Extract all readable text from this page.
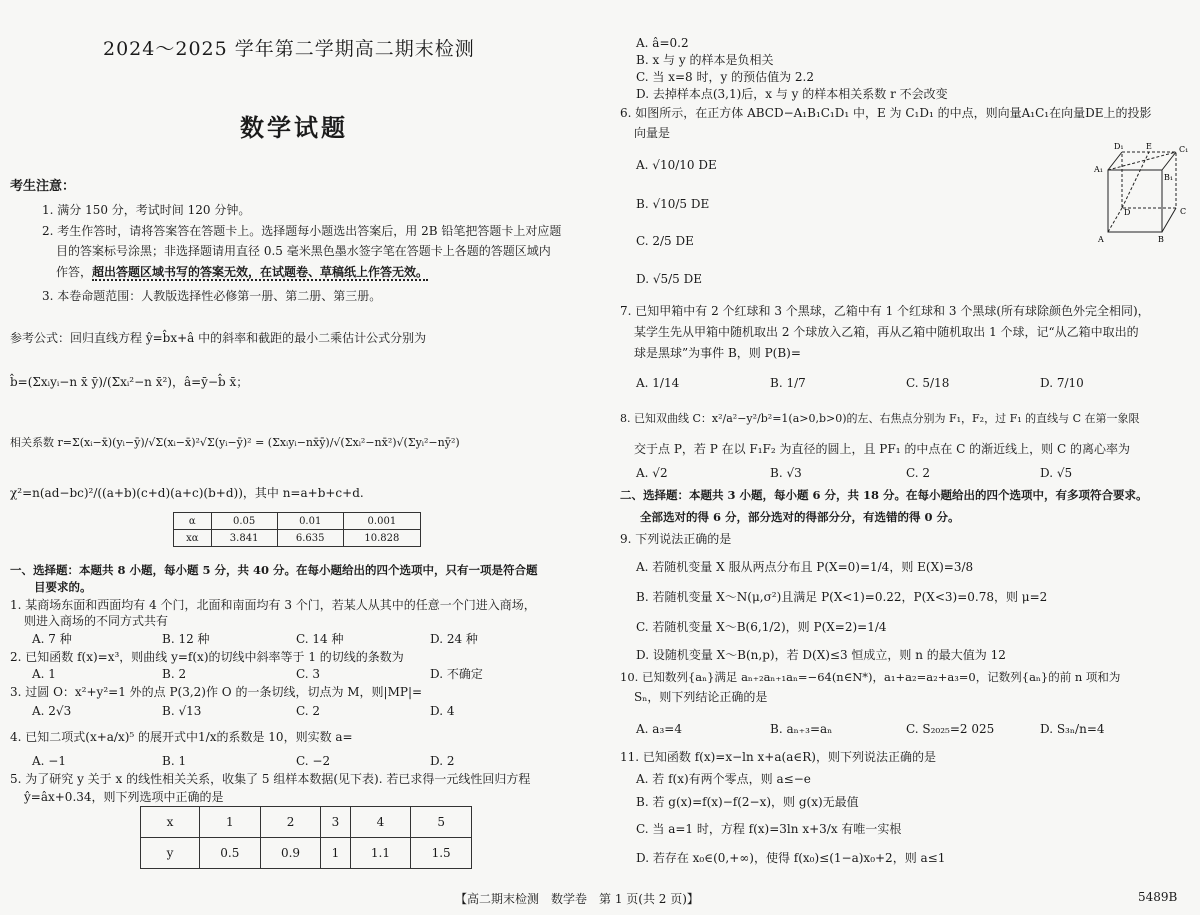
2024～2025 学年第二学期高二期末检测
数学试题
考生注意：
1. 满分 150 分，考试时间 120 分钟。
2. 考生作答时，请将答案答在答题卡上。选择题每小题选出答案后，用 2B 铅笔把答题卡上对应题
目的答案标号涂黑；非选择题请用直径 0.5 毫米黑色墨水签字笔在答题卡上各题的答题区域内
作答，超出答题区域书写的答案无效，在试题卷、草稿纸上作答无效。
3. 本卷命题范围：人教版选择性必修第一册、第二册、第三册。
参考公式：回归直线方程 ŷ=b̂x+â 中的斜率和截距的最小二乘估计公式分别为
b̂=(Σxᵢyᵢ−n x̄ ȳ)/(Σxᵢ²−n x̄²)，â=ȳ−b̂ x̄；
相关系数 r=Σ(xᵢ−x̄)(yᵢ−ȳ)/√Σ(xᵢ−x̄)²√Σ(yᵢ−ȳ)² = (Σxᵢyᵢ−nx̄ȳ)/√(Σxᵢ²−nx̄²)√(Σyᵢ²−nȳ²)
χ²=n(ad−bc)²/((a+b)(c+d)(a+c)(b+d))，其中 n=a+b+c+d.
α	0.05	0.01	0.001
xα	3.841	6.635	10.828
一、选择题：本题共 8 小题，每小题 5 分，共 40 分。在每小题给出的四个选项中，只有一项是符合题
目要求的。
1. 某商场东面和西面均有 4 个门，北面和南面均有 3 个门，若某人从其中的任意一个门进入商场，
则进入商场的不同方式共有
A. 7 种	B. 12 种	C. 14 种	D. 24 种
2. 已知函数 f(x)=x³，则曲线 y=f(x)的切线中斜率等于 1 的切线的条数为
A. 1	B. 2	C. 3	D. 不确定
3. 过圆 O：x²+y²=1 外的点 P(3,2)作 O 的一条切线，切点为 M，则|MP|=
A. 2√3	B. √13	C. 2	D. 4
4. 已知二项式(x+a/x)⁵ 的展开式中1/x的系数是 10，则实数 a=
A. −1	B. 1	C. −2	D. 2
5. 为了研究 y 关于 x 的线性相关关系，收集了 5 组样本数据(见下表). 若已求得一元线性回归方程
ŷ=âx+0.34，则下列选项中正确的是
x	1	2	3	4	5
y	0.5	0.9	1	1.1	1.5
A. â=0.2
B. x 与 y 的样本是负相关
C. 当 x=8 时，y 的预估值为 2.2
D. 去掉样本点(3,1)后，x 与 y 的样本相关系数 r 不会改变
6. 如图所示，在正方体 ABCD−A₁B₁C₁D₁ 中，E 为 C₁D₁ 的中点，则向量A₁C₁在向量DE上的投影
向量是
A. √10/10 DE
B. √10/5 DE
C. 2/5 DE
D. √5/5 DE
D₁	E	C₁
A₁
B₁
D	C
A	B
7. 已知甲箱中有 2 个红球和 3 个黑球，乙箱中有 1 个红球和 3 个黑球(所有球除颜色外完全相同)，
某学生先从甲箱中随机取出 2 个球放入乙箱，再从乙箱中随机取出 1 个球，记“从乙箱中取出的
球是黑球”为事件 B，则 P(B)=
A. 1/14	B. 1/7	C. 5/18	D. 7/10
8. 已知双曲线 C：x²/a²−y²/b²=1(a>0,b>0)的左、右焦点分别为 F₁，F₂，过 F₁ 的直线与 C 在第一象限
交于点 P，若 P 在以 F₁F₂ 为直径的圆上，且 PF₁ 的中点在 C 的渐近线上，则 C 的离心率为
A. √2	B. √3	C. 2	D. √5
二、选择题：本题共 3 小题，每小题 6 分，共 18 分。在每小题给出的四个选项中，有多项符合要求。
全部选对的得 6 分，部分选对的得部分分，有选错的得 0 分。
9. 下列说法正确的是
A. 若随机变量 X 服从两点分布且 P(X=0)=1/4，则 E(X)=3/8
B. 若随机变量 X～N(μ,σ²)且满足 P(X<1)=0.22，P(X<3)=0.78，则 μ=2
C. 若随机变量 X～B(6,1/2)，则 P(X=2)=1/4
D. 设随机变量 X～B(n,p)，若 D(X)≤3 恒成立，则 n 的最大值为 12
10. 已知数列{aₙ}满足 aₙ₊₂aₙ₊₁aₙ=−64(n∈N*)，a₁+a₂=a₂+a₃=0，记数列{aₙ}的前 n 项和为
Sₙ，则下列结论正确的是
A. a₃=4	B. aₙ₊₃=aₙ	C. S₂₀₂₅=2 025	D. S₃ₙ/n=4
11. 已知函数 f(x)=x−ln x+a(a∈R)，则下列说法正确的是
A. 若 f(x)有两个零点，则 a≤−e
B. 若 g(x)=f(x)−f(2−x)，则 g(x)无最值
C. 当 a=1 时，方程 f(x)=3ln x+3/x 有唯一实根
D. 若存在 x₀∈(0,+∞)，使得 f(x₀)≤(1−a)x₀+2，则 a≤1
【高二期末检测　数学卷　第 1 页(共 2 页)】	5489B
